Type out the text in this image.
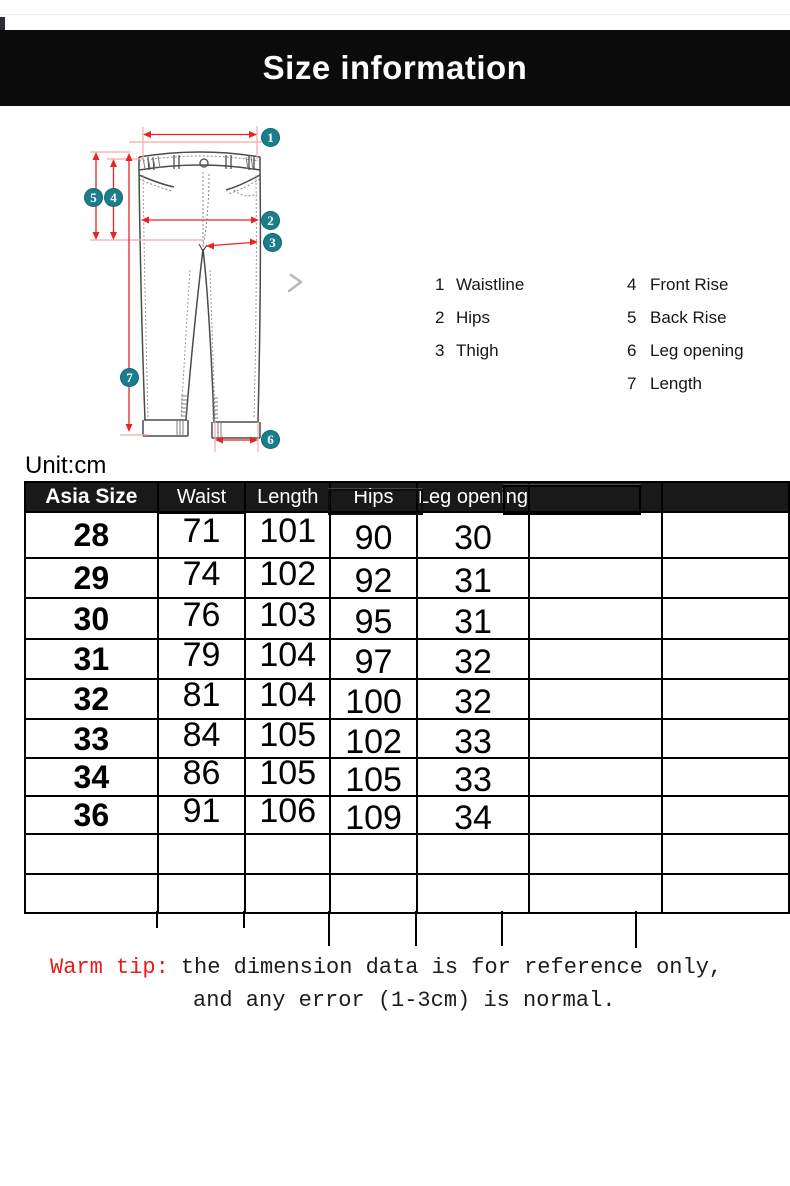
Size information
1
2
3
4
5
6
7
1 Waistline
2 Hips
3 Thigh
4 Front Rise
5 Back Rise
6 Leg opening
7 Length
Unit:cm
Asia Size	Waist	Length	Hips	Leg opening		
28	71	101	90	30		
29	74	102	92	31		
30	76	103	95	31		
31	79	104	97	32		
32	81	104	100	32		
33	84	105	102	33		
34	86	105	105	33		
36	91	106	109	34		

Warm tip: the dimension data is for reference only,
and any error (1-3cm) is normal.
